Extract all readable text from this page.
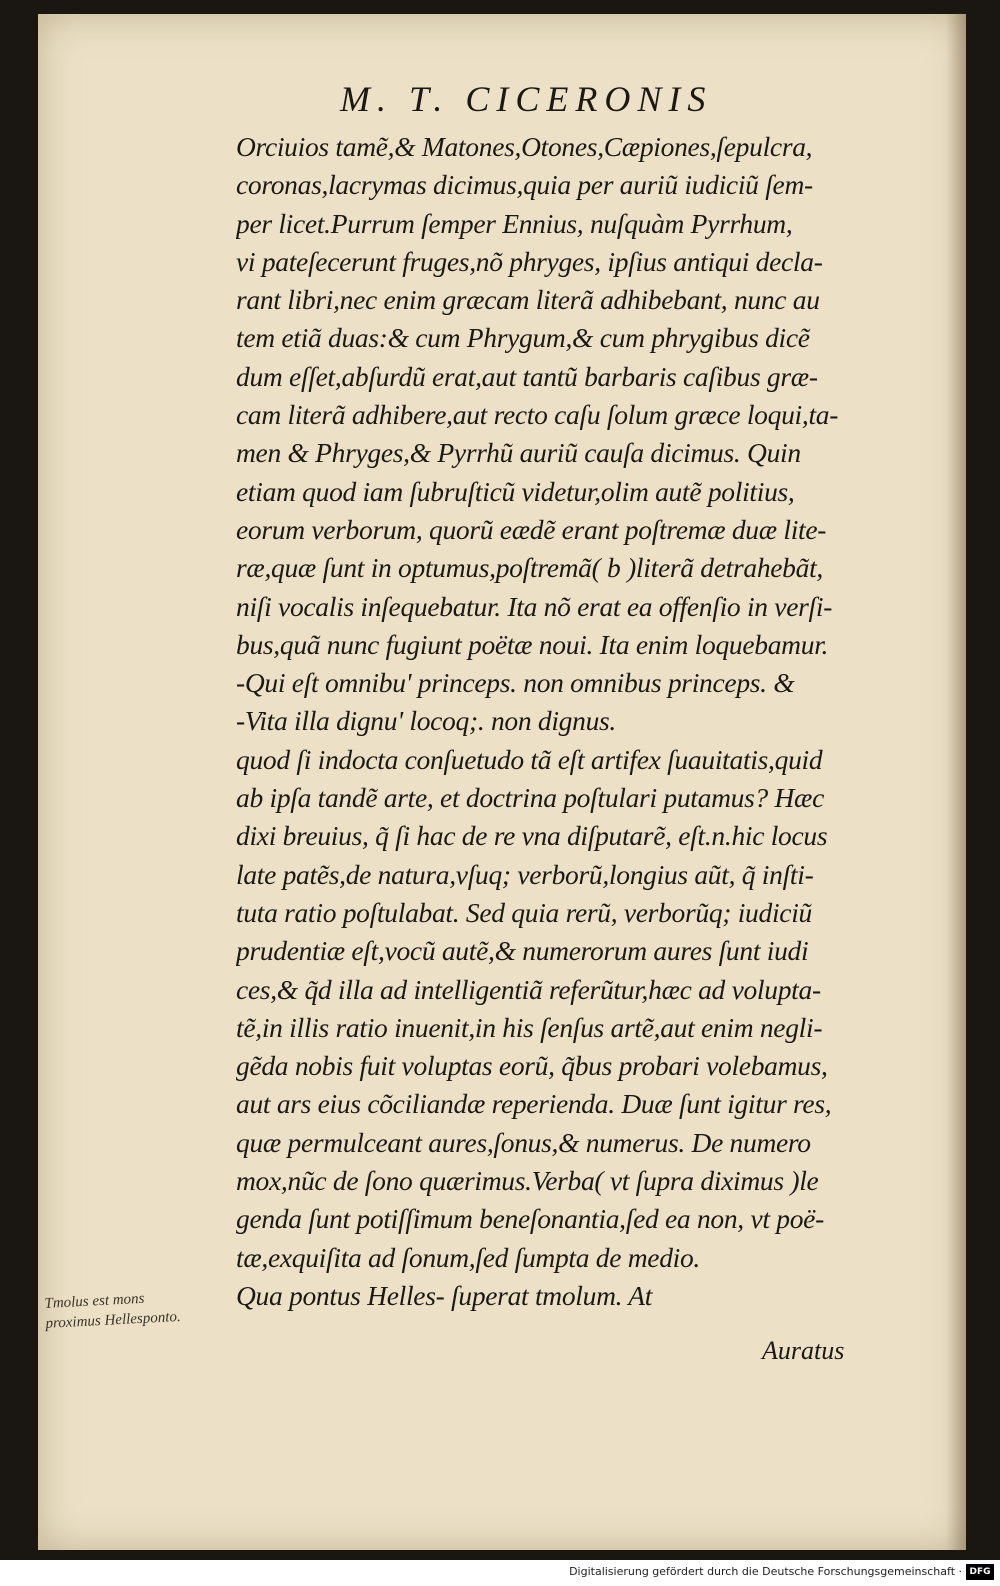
M. T. CICERONIS
Orciuios tamẽ,& Matones,Otones,Cæpiones,ſepulcra,
coronas,lacrymas dicimus,quia per auriũ iudiciũ ſem-
per licet.Purrum ſemper Ennius, nuſquàm Pyrrhum,
vi pateſecerunt fruges,nõ phryges, ipſius antiqui decla-
rant libri,nec enim græcam literã adhibebant, nunc au
tem etiã duas:& cum Phrygum,& cum phrygibus dicẽ
dum eſſet,abſurdũ erat,aut tantũ barbaris caſibus græ-
cam literã adhibere,aut recto caſu ſolum græce loqui,ta-
men & Phryges,& Pyrrhũ auriũ cauſa dicimus. Quin
etiam quod iam ſubruſticũ videtur,olim autẽ politius,
eorum verborum, quorũ eædẽ erant poſtremæ duæ lite-
ræ,quæ ſunt in optumus,poſtremã( b )literã detrahebãt,
niſi vocalis inſequebatur. Ita nõ erat ea offenſio in verſi-
bus,quã nunc fugiunt poëtæ noui. Ita enim loquebamur.
-Qui eſt omnibu' princeps. non omnibus princeps. &
-Vita illa dignu' locoq;. non dignus.
quod ſi indocta conſuetudo tã eſt artifex ſuauitatis,quid
ab ipſa tandẽ arte, et doctrina poſtulari putamus? Hæc
dixi breuius, q̃ ſi hac de re vna diſputarẽ, eſt.n.hic locus
late patẽs,de natura,vſuq; verborũ,longius aũt, q̃ inſti-
tuta ratio poſtulabat. Sed quia rerũ, verborũq; iudiciũ
prudentiæ eſt,vocũ autẽ,& numerorum aures ſunt iudi
ces,& q̃d illa ad intelligentiã referũtur,hæc ad volupta-
tẽ,in illis ratio inuenit,in his ſenſus artẽ,aut enim negli-
gẽda nobis fuit voluptas eorũ, q̃bus probari volebamus,
aut ars eius cõciliandæ reperienda. Duæ ſunt igitur res,
quæ permulceant aures,ſonus,& numerus. De numero
mox,nũc de ſono quærimus.Verba( vt ſupra diximus )le
genda ſunt potiſſimum beneſonantia,ſed ea non, vt poë-
tæ,exquiſita ad ſonum,ſed ſumpta de medio.
Qua pontus Helles- ſuperat tmolum. At
Tmolus est mons
proximus Hellesponto.
Auratus
Digitalisierung gefördert durch die Deutsche Forschungsgemeinschaft · DFG
